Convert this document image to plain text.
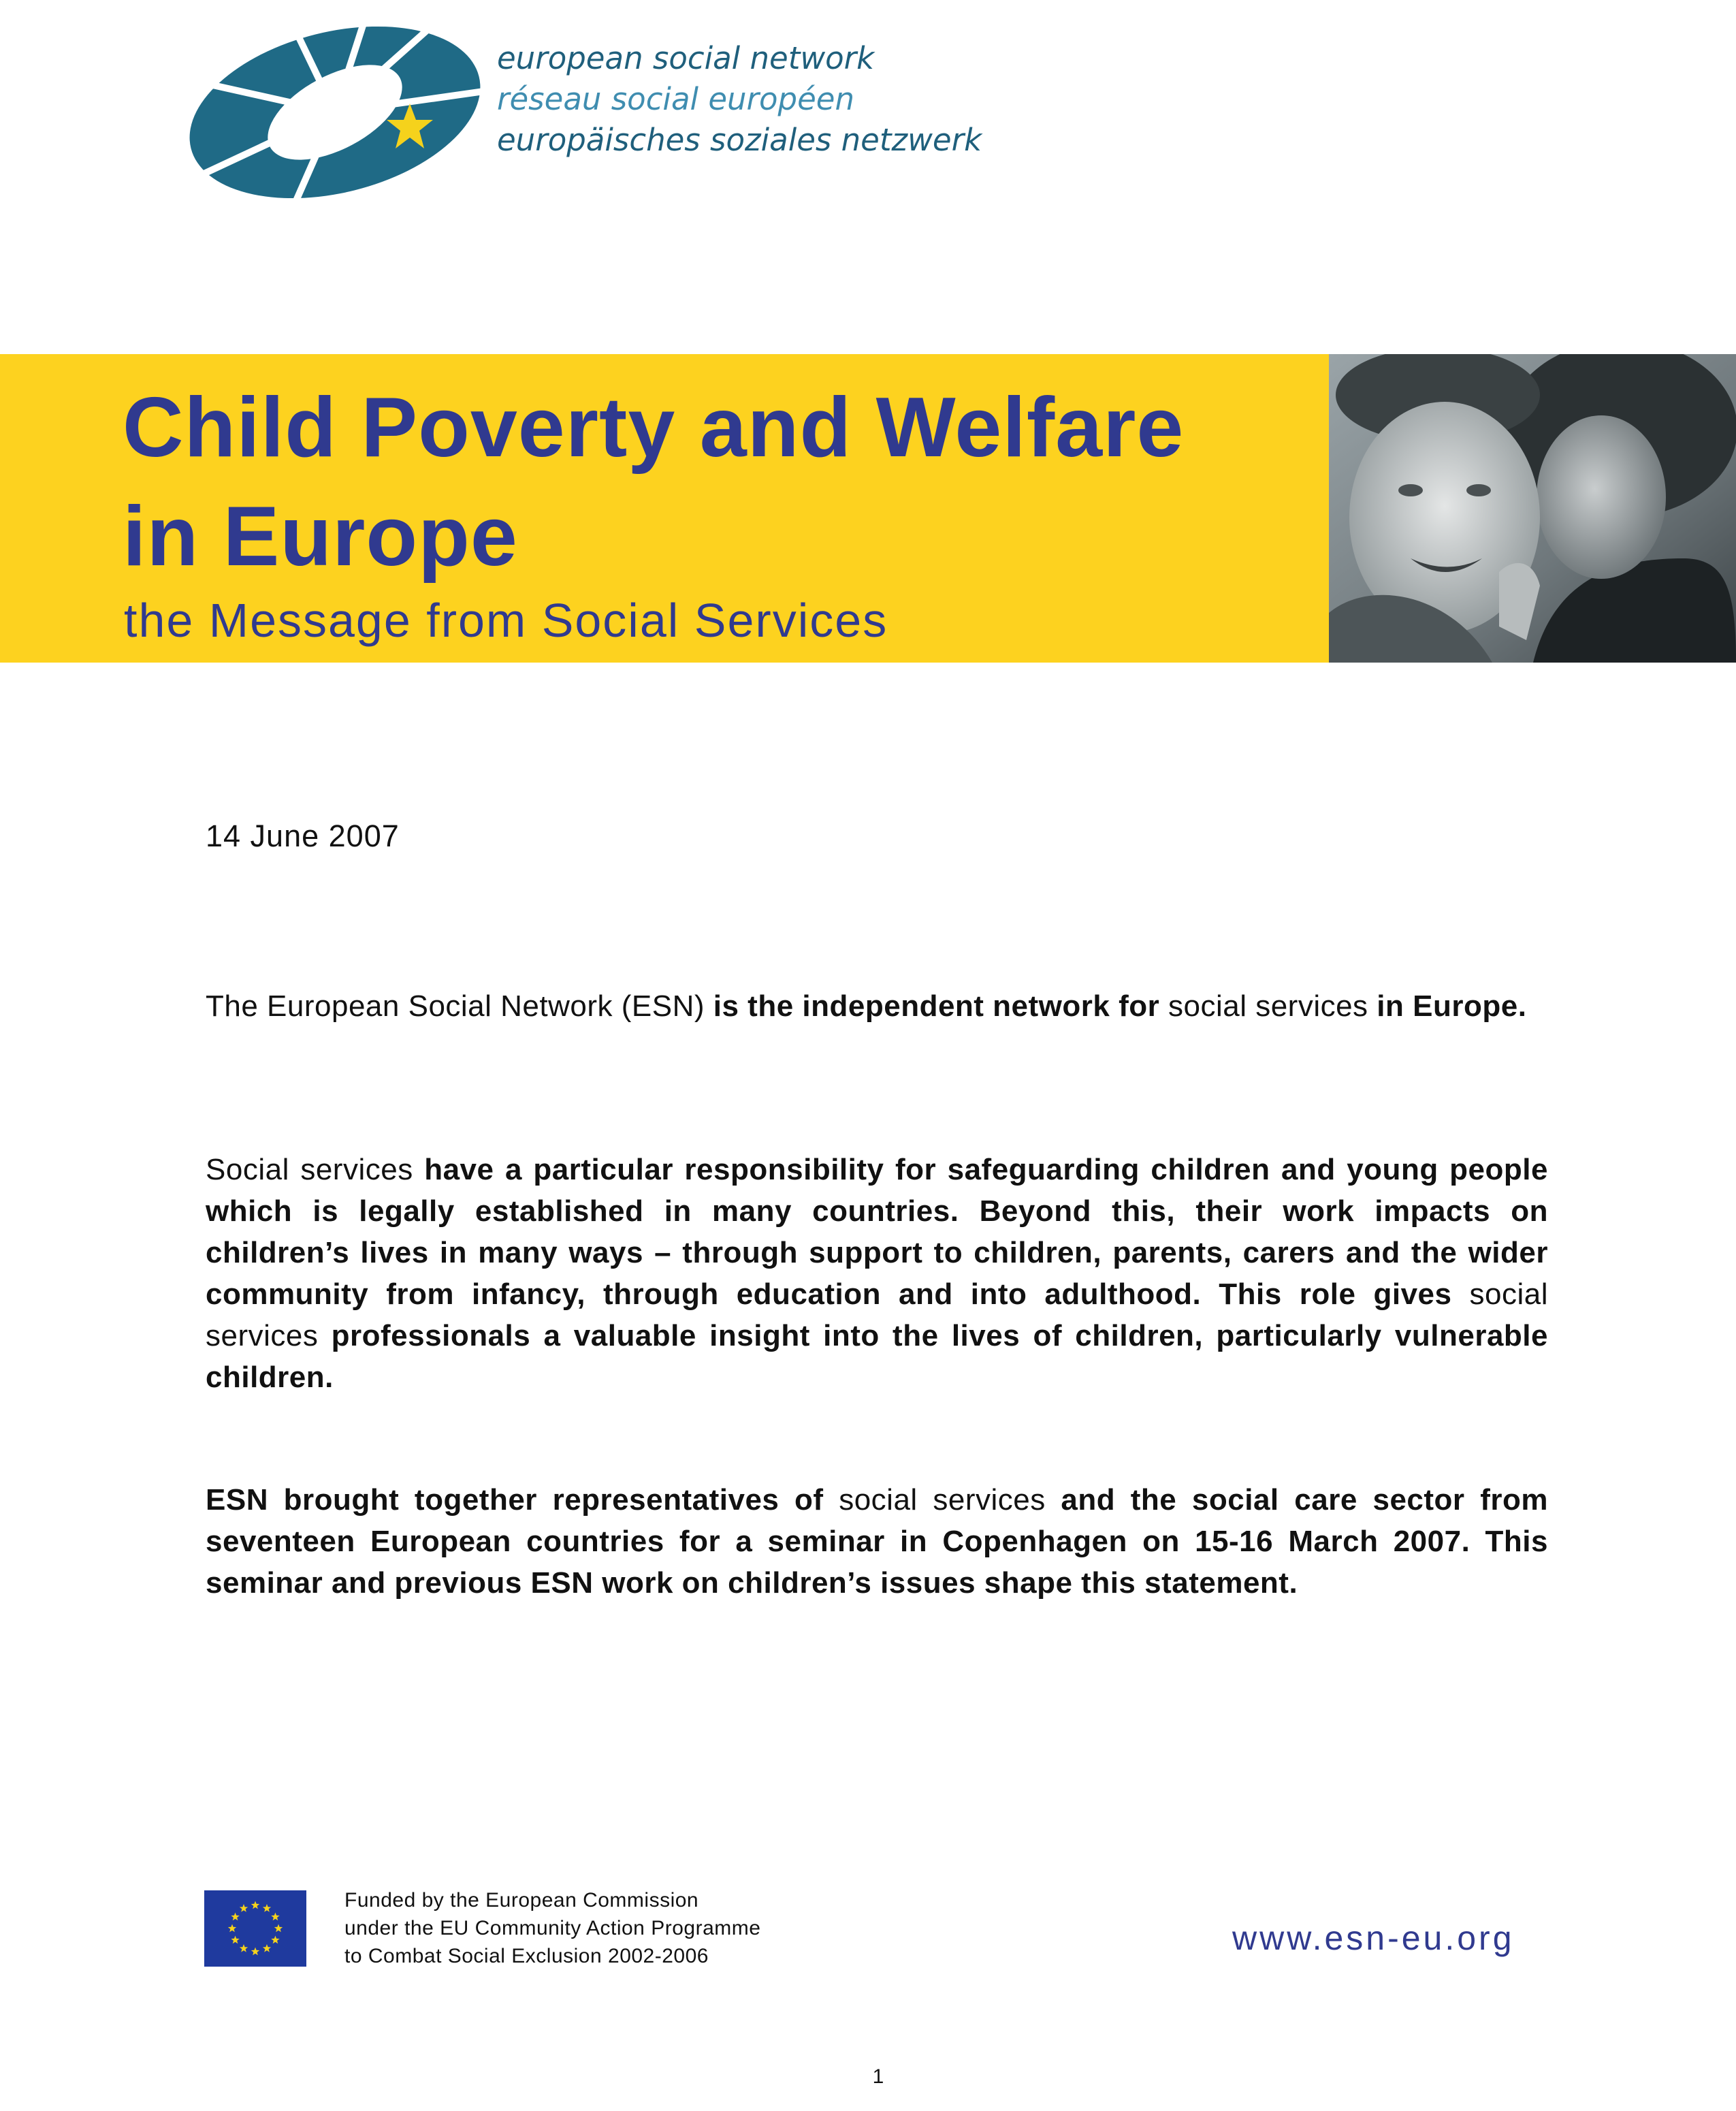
european social network
réseau social européen
europäisches soziales netzwerk
Child Poverty and Welfare
in Europe
the Message from Social Services
14 June 2007
The European Social Network (ESN) is the independent network for social services in Europe.
Social services have a particular responsibility for safeguarding children and young people which is legally established in many countries. Beyond this, their work impacts on children’s lives in many ways – through support to children, parents, carers and the wider community from infancy, through education and into adulthood. This role gives social services professionals a valuable insight into the lives of children, particularly vulnerable children.
ESN brought together representatives of social services and the social care sector from seventeen European countries for a seminar in Copenhagen on 15-16 March 2007. This seminar and previous ESN work on children’s issues shape this statement.
Funded by the European Commission
under the EU Community Action Programme
to Combat Social Exclusion 2002-2006	www.esn-eu.org
1
